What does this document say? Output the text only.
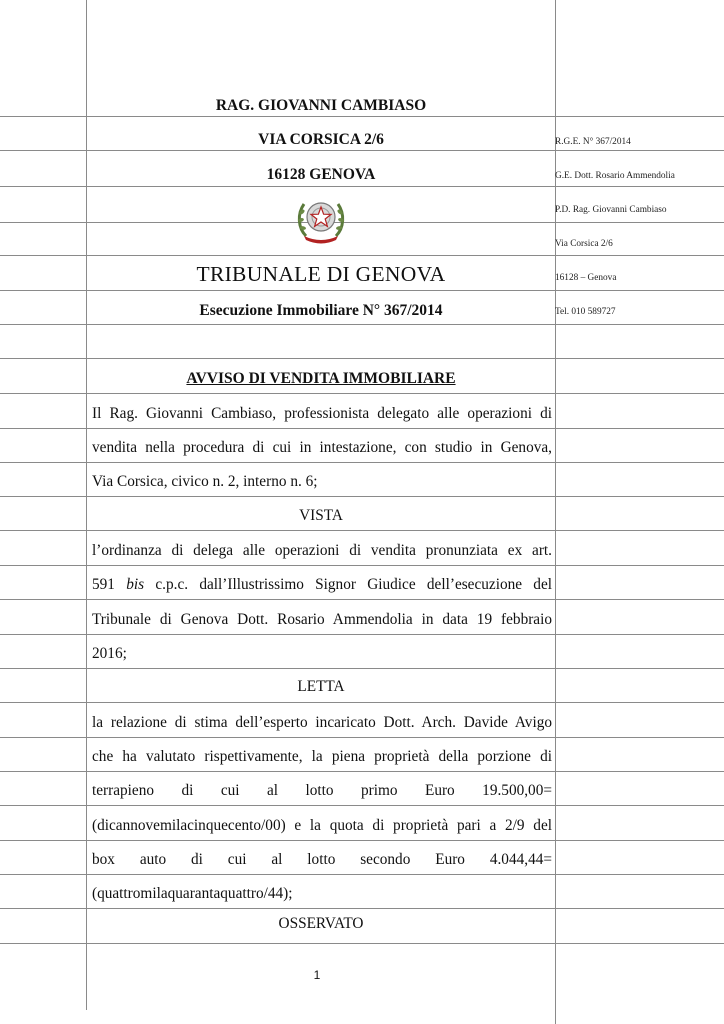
RAG. GIOVANNI CAMBIASO
VIA CORSICA 2/6
16128 GENOVA
TRIBUNALE DI GENOVA
Esecuzione Immobiliare N° 367/2014
R.G.E. N° 367/2014
G.E. Dott. Rosario Ammendolia
P.D. Rag. Giovanni Cambiaso
Via Corsica 2/6
16128 – Genova
Tel. 010 589727
AVVISO DI VENDITA IMMOBILIARE
Il Rag. Giovanni Cambiaso, professionista delegato alle operazioni di
vendita nella procedura di cui in intestazione, con studio in Genova,
Via Corsica, civico n. 2, interno n. 6;
VISTA
l’ordinanza di delega alle operazioni di vendita pronunziata ex art.
591 bis c.p.c. dall’Illustrissimo Signor Giudice dell’esecuzione del
Tribunale di Genova Dott. Rosario Ammendolia in data 19 febbraio
2016;
LETTA
la relazione di stima dell’esperto incaricato Dott. Arch. Davide Avigo
che ha valutato rispettivamente, la piena proprietà della porzione di
terrapieno di cui al lotto primo Euro 19.500,00=
(dicannovemilacinquecento/00) e la quota di proprietà pari a 2/9 del
box auto di cui al lotto secondo Euro 4.044,44=
(quattromilaquarantaquattro/44);
OSSERVATO
1
